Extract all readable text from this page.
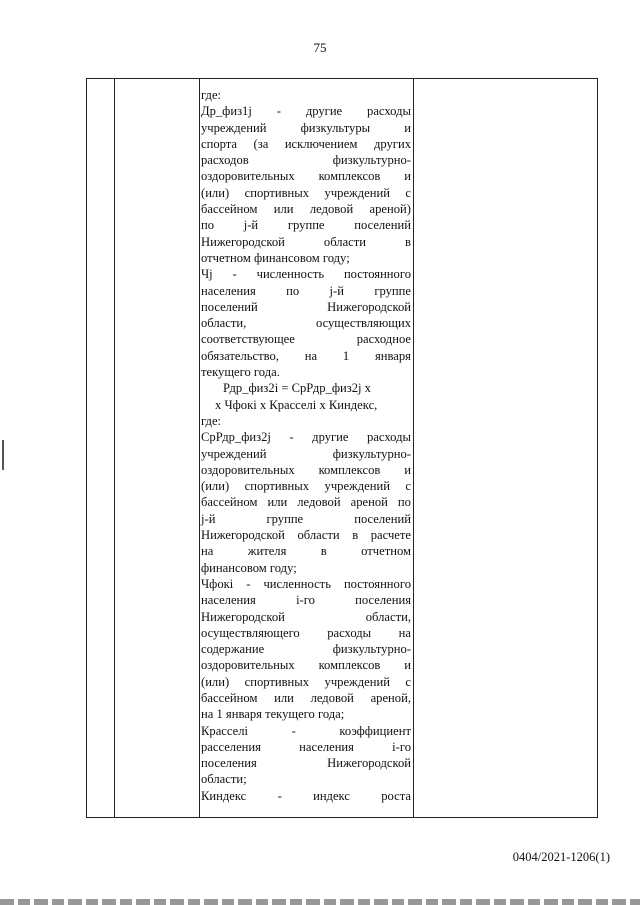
75
где:
Др_физ1j - другие расходы
учреждений	физкультуры	и
спорта (за исключением других
расходов	физкультурно-
оздоровительных комплексов и
(или) спортивных учреждений с
бассейном или ледовой ареной)
по j-й группе поселений
Нижегородской	области	в
отчетном финансовом году;
Чj - численность постоянного
населения по j-й группе
поселений	Нижегородской
области,	осуществляющих
соответствующее	расходное
обязательство, на 1 января
текущего года.
Рдр_физ2i = СрРдр_физ2j x
x Чфокі x Красселі x Киндекс,
где:
СрРдр_физ2j - другие расходы
учреждений	физкультурно-
оздоровительных комплексов и
(или) спортивных учреждений с
бассейном или ледовой ареной по
j-й	группе	поселений
Нижегородской области в расчете
на	жителя	в	отчетном
финансовом году;
Чфокі - численность постоянного
населения	і-го	поселения
Нижегородской	области,
осуществляющего расходы на
содержание	физкультурно-
оздоровительных комплексов и
(или) спортивных учреждений с
бассейном или ледовой ареной,
на 1 января текущего года;
Красселі	-	коэффициент
расселения	населения	і-го
поселения	Нижегородской
области;
Киндекс - индекс роста
0404/2021-1206(1)
